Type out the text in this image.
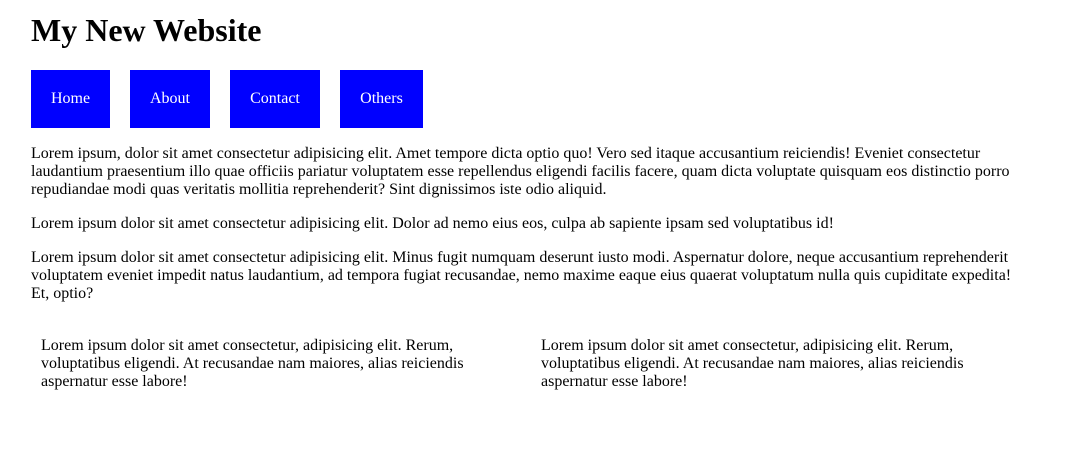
My New Website
Home	About	Contact	Others

Lorem ipsum, dolor sit amet consectetur adipisicing elit. Amet tempore dicta optio quo! Vero sed itaque accusantium reiciendis! Eveniet consectetur laudantium praesentium illo quae officiis pariatur voluptatem esse repellendus eligendi facilis facere, quam dicta voluptate quisquam eos distinctio porro repudiandae modi quas veritatis mollitia reprehenderit? Sint dignissimos iste odio aliquid.

Lorem ipsum dolor sit amet consectetur adipisicing elit. Dolor ad nemo eius eos, culpa ab sapiente ipsam sed voluptatibus id!

Lorem ipsum dolor sit amet consectetur adipisicing elit. Minus fugit numquam deserunt iusto modi. Aspernatur dolore, neque accusantium reprehenderit voluptatem eveniet impedit natus laudantium, ad tempora fugiat recusandae, nemo maxime eaque eius quaerat voluptatum nulla quis cupiditate expedita! Et, optio?

Lorem ipsum dolor sit amet consectetur, adipisicing elit. Rerum, voluptatibus eligendi. At recusandae nam maiores, alias reiciendis aspernatur esse labore!
Lorem ipsum dolor sit amet consectetur, adipisicing elit. Rerum, voluptatibus eligendi. At recusandae nam maiores, alias reiciendis aspernatur esse labore!
